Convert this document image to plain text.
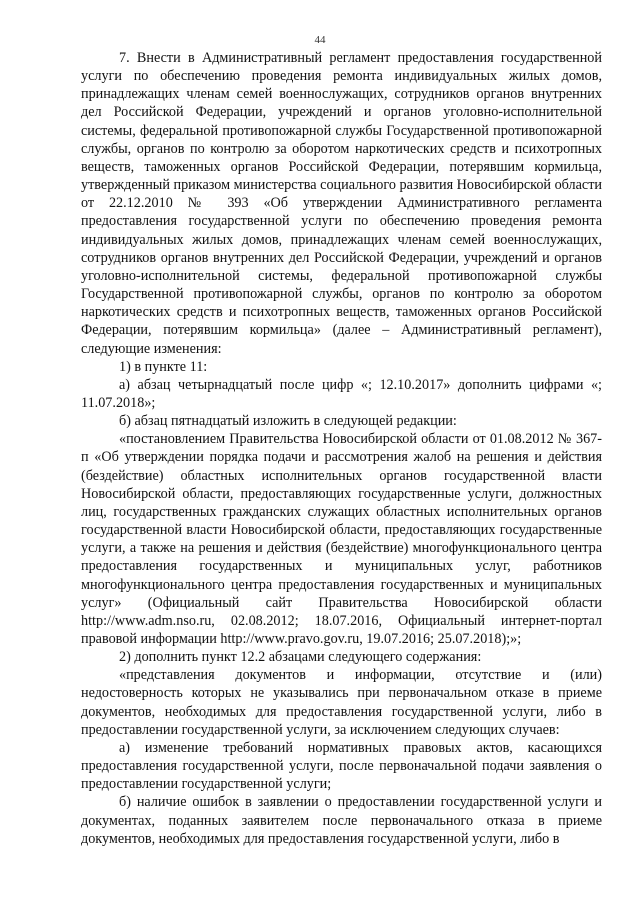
44

7. Внести в Административный регламент предоставления государственной услуги по обеспечению проведения ремонта индивидуальных жилых домов, принадлежащих членам семей военнослужащих, сотрудников органов внутренних дел Российской Федерации, учреждений и органов уголовно-исполнительной системы, федеральной противопожарной службы Государственной противопожарной службы, органов по контролю за оборотом наркотических средств и психотропных веществ, таможенных органов Российской Федерации, потерявшим кормильца, утвержденный приказом министерства социального развития Новосибирской области от 22.12.2010 № 393 «Об утверждении Административного регламента предоставления государственной услуги по обеспечению проведения ремонта индивидуальных жилых домов, принадлежащих членам семей военнослужащих, сотрудников органов внутренних дел Российской Федерации, учреждений и органов уголовно-исполнительной системы, федеральной противопожарной службы Государственной противопожарной службы, органов по контролю за оборотом наркотических средств и психотропных веществ, таможенных органов Российской Федерации, потерявшим кормильца» (далее – Административный регламент), следующие изменения:

1) в пункте 11:

а) абзац четырнадцатый после цифр «; 12.10.2017» дополнить цифрами «; 11.07.2018»;

б) абзац пятнадцатый изложить в следующей редакции:

«постановлением Правительства Новосибирской области от 01.08.2012 № 367-п «Об утверждении порядка подачи и рассмотрения жалоб на решения и действия (бездействие) областных исполнительных органов государственной власти Новосибирской области, предоставляющих государственные услуги, должностных лиц, государственных гражданских служащих областных исполнительных органов государственной власти Новосибирской области, предоставляющих государственные услуги, а также на решения и действия (бездействие) многофункционального центра предоставления государственных и муниципальных услуг, работников многофункционального центра предоставления государственных и муниципальных услуг» (Официальный сайт Правительства Новосибирской области http://www.adm.nso.ru, 02.08.2012; 18.07.2016, Официальный интернет-портал правовой информации http://www.pravo.gov.ru, 19.07.2016; 25.07.2018);»;

2) дополнить пункт 12.2 абзацами следующего содержания:

«представления документов и информации, отсутствие и (или) недостоверность которых не указывались при первоначальном отказе в приеме документов, необходимых для предоставления государственной услуги, либо в предоставлении государственной услуги, за исключением следующих случаев:

а) изменение требований нормативных правовых актов, касающихся предоставления государственной услуги, после первоначальной подачи заявления о предоставлении государственной услуги;

б) наличие ошибок в заявлении о предоставлении государственной услуги и документах, поданных заявителем после первоначального отказа в приеме документов, необходимых для предоставления государственной услуги, либо в
